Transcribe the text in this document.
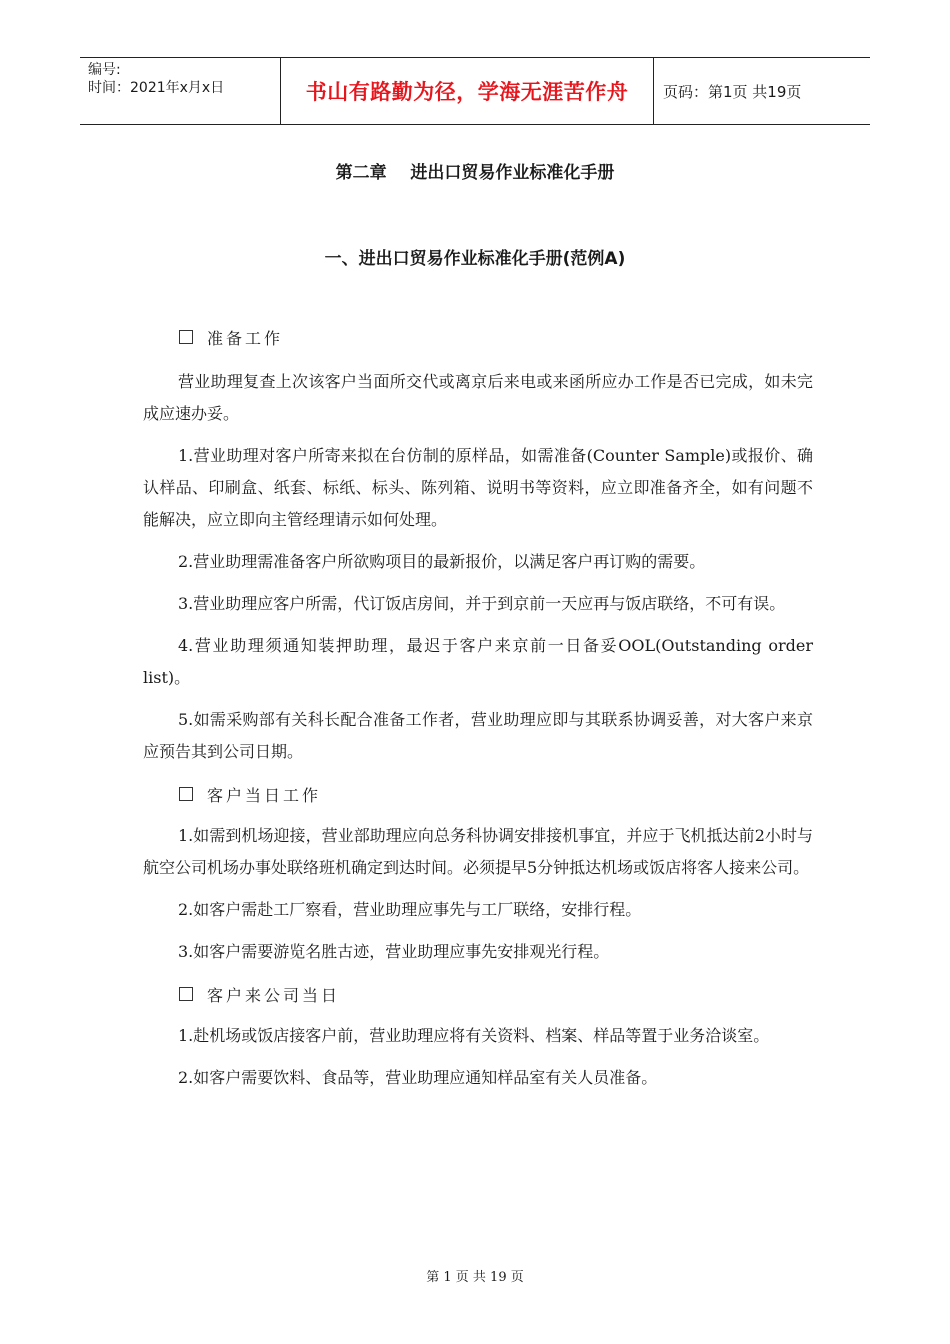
编号:
时间：2021年x月x日	书山有路勤为径，学海无涯苦作舟	页码：第1页 共19页
第二章    进出口贸易作业标准化手册
一、进出口贸易作业标准化手册(范例A)
准备工作

营业助理复查上次该客户当面所交代或离京后来电或来函所应办工作是否已完成，如未完成应速办妥。

1.营业助理对客户所寄来拟在台仿制的原样品，如需准备(Counter Sample)或报价、确认样品、印刷盒、纸套、标纸、标头、陈列箱、说明书等资料，应立即准备齐全，如有问题不能解决，应立即向主管经理请示如何处理。

2.营业助理需准备客户所欲购项目的最新报价，以满足客户再订购的需要。

3.营业助理应客户所需，代订饭店房间，并于到京前一天应再与饭店联络，不可有误。

4.营业助理须通知装押助理，最迟于客户来京前一日备妥OOL(Outstanding order list)。

5.如需采购部有关科长配合准备工作者，营业助理应即与其联系协调妥善，对大客户来京应预告其到公司日期。

客户当日工作

1.如需到机场迎接，营业部助理应向总务科协调安排接机事宜，并应于飞机抵达前2小时与航空公司机场办事处联络班机确定到达时间。必须提早5分钟抵达机场或饭店将客人接来公司。

2.如客户需赴工厂察看，营业助理应事先与工厂联络，安排行程。

3.如客户需要游览名胜古迹，营业助理应事先安排观光行程。

客户来公司当日

1.赴机场或饭店接客户前，营业助理应将有关资料、档案、样品等置于业务洽谈室。

2.如客户需要饮料、食品等，营业助理应通知样品室有关人员准备。

第 1 页 共 19 页
